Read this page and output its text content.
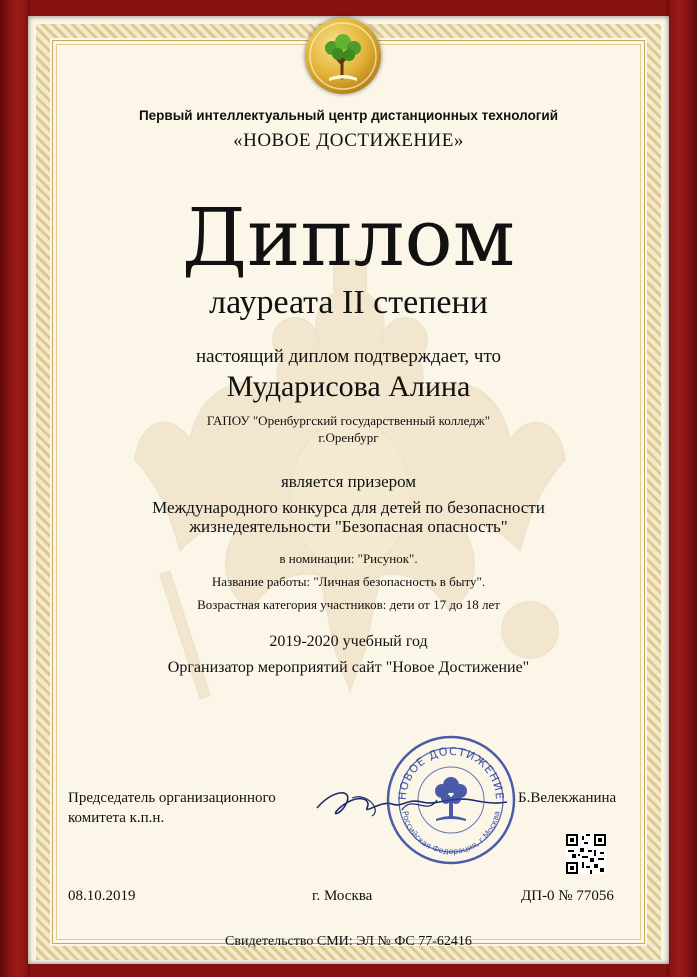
Первый интеллектуальный центр дистанционных технологий
«НОВОЕ ДОСТИЖЕНИЕ»
Диплом
лауреата II степени
настоящий диплом подтверждает, что
Мударисова Алина
ГАПОУ "Оренбургский государственный колледж"
г.Оренбург
является призером
Международного конкурса для детей по безопасности
жизнедеятельности "Безопасная опасность"
в номинации: "Рисунок".
Название работы: "Личная безопасность в быту".
Возрастная категория участников: дети от 17 до 18 лет
2019-2020 учебный год
Организатор мероприятий сайт "Новое Достижение"
Председатель организационного
комитета к.п.н.
Б.Велекжанина
НОВОЕ ДОСТИЖЕНИЕ
Российская Федерация, г.Москва
08.10.2019	г. Москва	ДП-0 № 77056
Свидетельство СМИ: ЭЛ № ФС 77-62416
